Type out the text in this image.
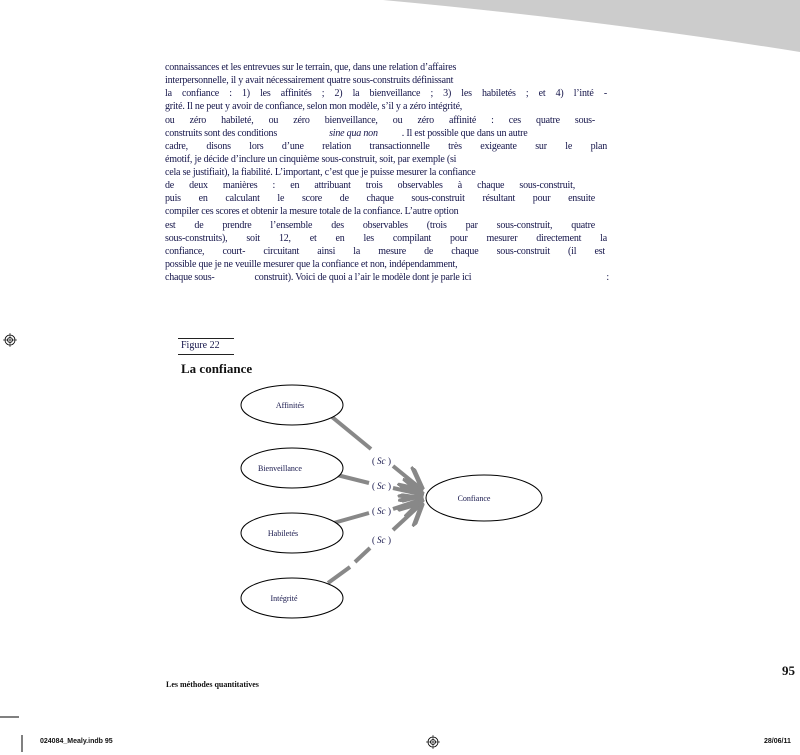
connaissances et les entrevues sur le terrain, que, dans une relation d’affaires
interpersonnelle, il y avait nécessairement quatre sous-construits définissant
la confiance : 1) les affinités ; 2) la bienveillance ; 3) les habiletés ; et 4) l’inté -
grité. Il ne peut y avoir de confiance, selon mon modèle, s’il y a zéro intégrité,
ou zéro habileté, ou zéro bienveillance, ou zéro affinité : ces quatre sous-
construits sont des conditions	sine qua non . Il est possible que dans un autre
cadre, disons lors d’une relation transactionnelle très exigeante sur le plan
émotif, je décide d’inclure un cinquième sous-construit, soit, par exemple (si
cela se justifiait), la fiabilité. L’important, c’est que je puisse mesurer la confiance
de deux manières : en attribuant trois observables à chaque sous-construit,
puis en calculant le score de chaque sous-construit résultant pour ensuite
compiler ces scores et obtenir la mesure totale de la confiance. L’autre option
est de prendre l’ensemble des observables (trois par sous-construit, quatre
sous-construits), soit 12, et en les compilant pour mesurer directement la
confiance, court- circuitant ainsi la mesure de chaque sous-construit (il est
possible que je ne veuille mesurer que la confiance et non, indépendamment,
chaque sous-	construit). Voici de quoi a l’air le modèle dont je parle ici	:
Figure 22
La confiance
Affinités
Bienveillance
Habiletés
Intégrité
Confiance
( Sc )
( Sc )
( Sc )
( Sc )
Les méthodes quantitatives
95
024084_Mealy.indb 95	28/06/11
